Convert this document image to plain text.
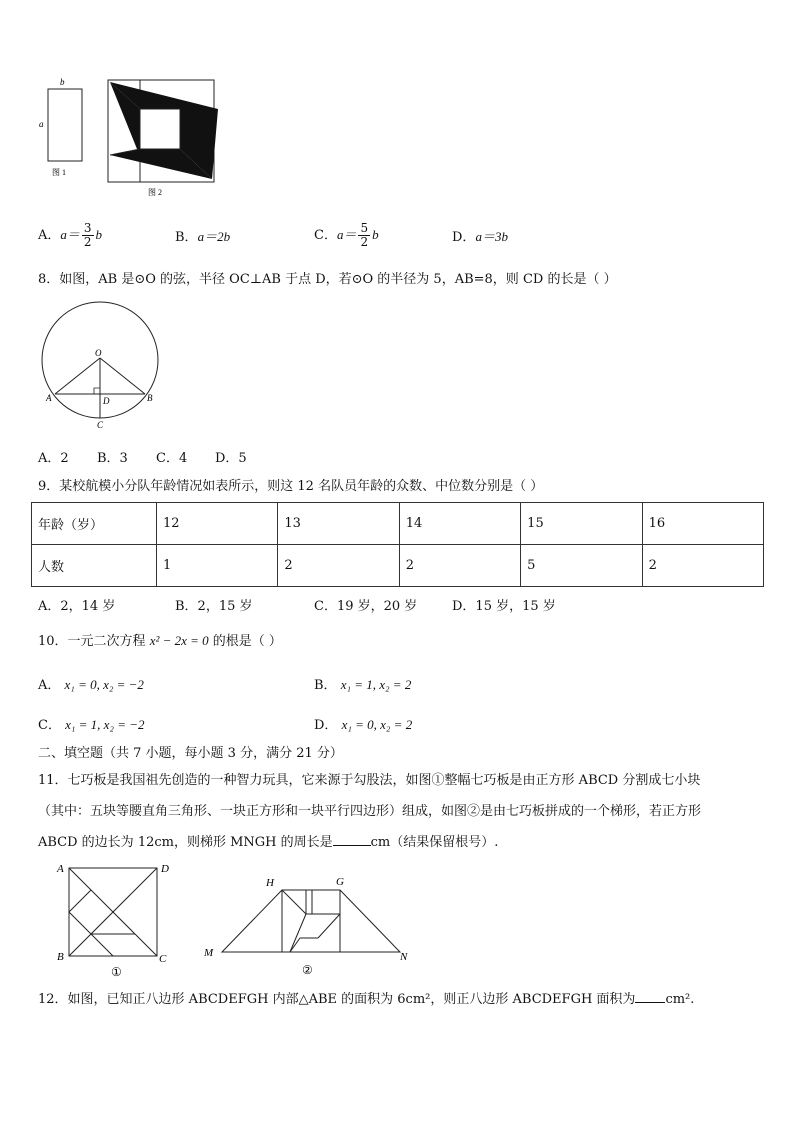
b
a
图 1
图 2
A．$a= \frac{3}{2}$ b	B．a＝2b	C．$a= \frac{5}{2}$ b	D．a＝3b
8．如图，AB 是⊙O 的弦，半径 OC⊥AB 于点 D，若⊙O 的半径为 5，AB=8，则 CD 的长是（ ）
O
A	B
D
C
A．2 B．3 C．4 D．5
9．某校航模小分队年龄情况如表所示，则这 12 名队员年龄的众数、中位数分别是（ ）
年龄（岁）	12	13	14	15	16
人数	1	2	2	5	2
A．2，14 岁	B．2，15 岁	C．19 岁，20 岁	D．15 岁，15 岁
10．一元二次方程 x² − 2x = 0 的根是（ ）
A． x₁ = 0, x₂ = −2	B． x₁ = 1, x₂ = 2
C． x₁ = 1, x₂ = −2	D． x₁ = 0, x₂ = 2
二、填空题（共 7 小题，每小题 3 分，满分 21 分）
11．七巧板是我国祖先创造的一种智力玩具，它来源于勾股法，如图①整幅七巧板是由正方形 ABCD 分割成七小块
（其中：五块等腰直角三角形、一块正方形和一块平行四边形）组成，如图②是由七巧板拼成的一个梯形，若正方形
ABCD 的边长为 12cm，则梯形 MNGH 的周长是	cm（结果保留根号）.
A	D
B	C
①
H	G
M	N
②
12．如图，已知正八边形 ABCDEFGH 内部△ABE 的面积为 6cm²，则正八边形 ABCDEFGH 面积为 cm².
